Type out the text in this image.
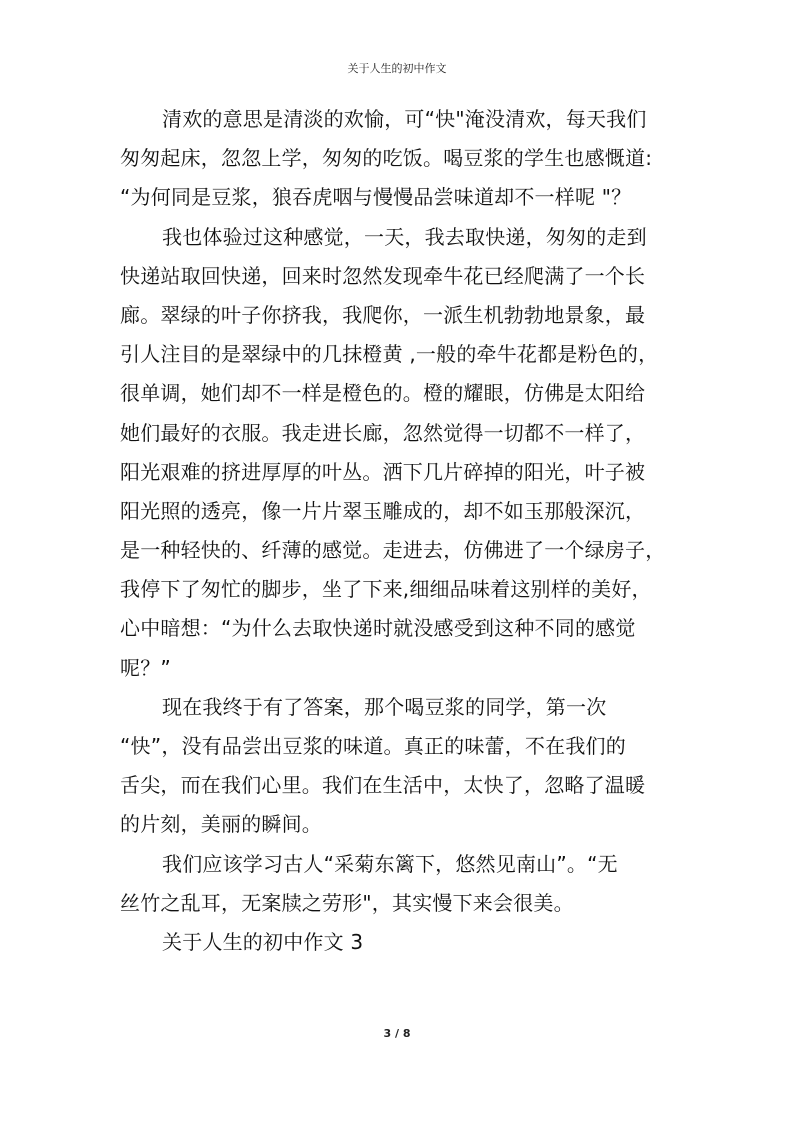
关于人生的初中作文
清欢的意思是清淡的欢愉，可“快"淹没清欢，每天我们
匆匆起床，忽忽上学，匆匆的吃饭。喝豆浆的学生也感慨道:
“为何同是豆浆，狼吞虎咽与慢慢品尝味道却不一样呢 "？
我也体验过这种感觉，一天，我去取快递，匆匆的走到
快递站取回快递，回来时忽然发现牵牛花已经爬满了一个长
廊。翠绿的叶子你挤我，我爬你，一派生机勃勃地景象，最
引人注目的是翠绿中的几抹橙黄 ,一般的牵牛花都是粉色的，
很单调，她们却不一样是橙色的。橙的耀眼，仿佛是太阳给
她们最好的衣服。我走进长廊，忽然觉得一切都不一样了，
阳光艰难的挤进厚厚的叶丛。洒下几片碎掉的阳光，叶子被
阳光照的透亮，像一片片翠玉雕成的，却不如玉那般深沉，
是一种轻快的、纤薄的感觉。走进去，仿佛进了一个绿房子，
我停下了匆忙的脚步，坐了下来,细细品味着这别样的美好，
心中暗想：“为什么去取快递时就没感受到这种不同的感觉
呢？”
现在我终于有了答案，那个喝豆浆的同学，第一次
“快”，没有品尝出豆浆的味道。真正的味蕾，不在我们的
舌尖，而在我们心里。我们在生活中，太快了，忽略了温暖
的片刻，美丽的瞬间。
我们应该学习古人“采菊东篱下，悠然见南山”。“无
丝竹之乱耳，无案牍之劳形"，其实慢下来会很美。
关于人生的初中作文 3
3 / 8
